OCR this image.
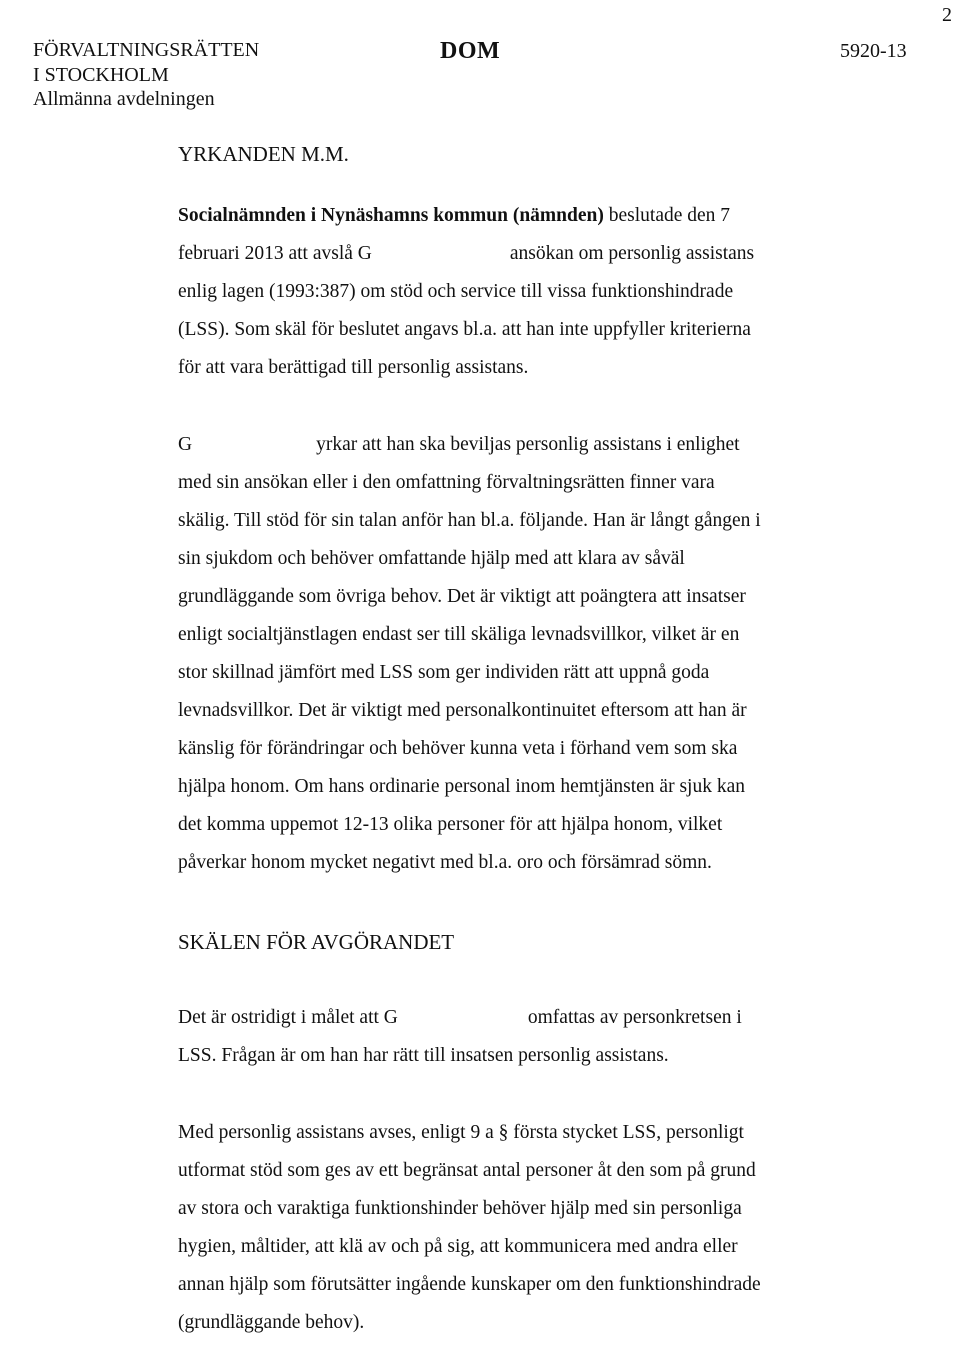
2
FÖRVALTNINGSRÄTTEN
I STOCKHOLM
Allmänna avdelningen
DOM	5920-13
YRKANDEN M.M.
Socialnämnden i Nynäshamns kommun (nämnden) beslutade den 7
februari 2013 att avslå G	ansökan om personlig assistans
enlig lagen (1993:387) om stöd och service till vissa funktionshindrade
(LSS). Som skäl för beslutet angavs bl.a. att han inte uppfyller kriterierna
för att vara berättigad till personlig assistans.
G	yrkar att han ska beviljas personlig assistans i enlighet
med sin ansökan eller i den omfattning förvaltningsrätten finner vara
skälig. Till stöd för sin talan anför han bl.a. följande. Han är långt gången i
sin sjukdom och behöver omfattande hjälp med att klara av såväl
grundläggande som övriga behov. Det är viktigt att poängtera att insatser
enligt socialtjänstlagen endast ser till skäliga levnadsvillkor, vilket är en
stor skillnad jämfört med LSS som ger individen rätt att uppnå goda
levnadsvillkor. Det är viktigt med personalkontinuitet eftersom att han är
känslig för förändringar och behöver kunna veta i förhand vem som ska
hjälpa honom. Om hans ordinarie personal inom hemtjänsten är sjuk kan
det komma uppemot 12-13 olika personer för att hjälpa honom, vilket
påverkar honom mycket negativt med bl.a. oro och försämrad sömn.
SKÄLEN FÖR AVGÖRANDET
Det är ostridigt i målet att G	omfattas av personkretsen i
LSS. Frågan är om han har rätt till insatsen personlig assistans.
Med personlig assistans avses, enligt 9 a § första stycket LSS, personligt
utformat stöd som ges av ett begränsat antal personer åt den som på grund
av stora och varaktiga funktionshinder behöver hjälp med sin personliga
hygien, måltider, att klä av och på sig, att kommunicera med andra eller
annan hjälp som förutsätter ingående kunskaper om den funktionshindrade
(grundläggande behov).
